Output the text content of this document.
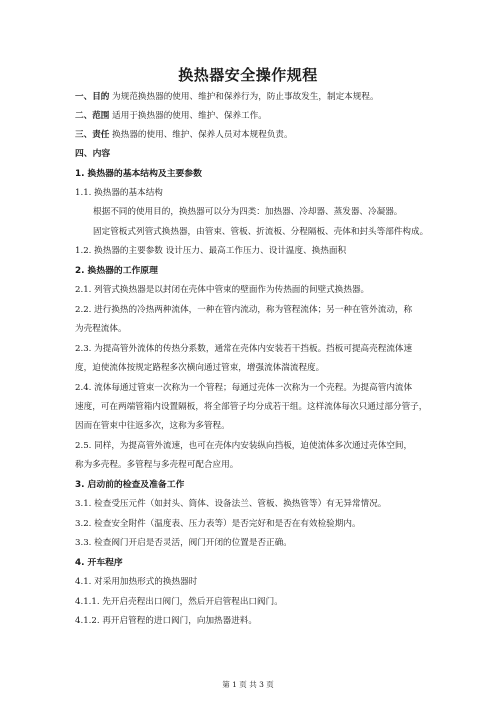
换热器安全操作规程
一、目的 为规范换热器的使用、维护和保养行为，防止事故发生，制定本规程。
二、范围 适用于换热器的使用、维护、保养工作。
三、责任 换热器的使用、维护、保养人员对本规程负责。
四、内容
1. 换热器的基本结构及主要参数
1.1. 换热器的基本结构
根据不同的使用目的，换热器可以分为四类：加热器、冷却器、蒸发器、冷凝器。
固定管板式列管式换热器，由管束、管板、折流板、分程隔板、壳体和封头等部件构成。
1.2. 换热器的主要参数 设计压力、最高工作压力、设计温度、换热面积
2. 换热器的工作原理
2.1. 列管式换热器是以封闭在壳体中管束的壁面作为传热面的间壁式换热器。
2.2. 进行换热的冷热两种流体，一种在管内流动，称为管程流体；另一种在管外流动，称
为壳程流体。
2.3. 为提高管外流体的传热分系数，通常在壳体内安装若干挡板。挡板可提高壳程流体速
度，迫使流体按规定路程多次横向通过管束，增强流体湍流程度。
2.4. 流体每通过管束一次称为一个管程；每通过壳体一次称为一个壳程。为提高管内流体
速度，可在两端管箱内设置隔板，将全部管子均分成若干组。这样流体每次只通过部分管子，
因而在管束中往返多次，这称为多管程。
2.5. 同样，为提高管外流速，也可在壳体内安装纵向挡板，迫使流体多次通过壳体空间，
称为多壳程。多管程与多壳程可配合应用。
3. 启动前的检查及准备工作
3.1. 检查受压元件（如封头、筒体、设备法兰、管板、换热管等）有无异常情况。
3.2. 检查安全附件（温度表、压力表等）是否完好和是否在有效检验期内。
3.3. 检查阀门开启是否灵活，阀门开闭的位置是否正确。
4. 开车程序
4.1. 对采用加热形式的换热器时
4.1.1. 先开启壳程出口阀门，然后开启管程出口阀门。
4.1.2. 再开启管程的进口阀门，向加热器进料。
第 1 页 共 3 页
